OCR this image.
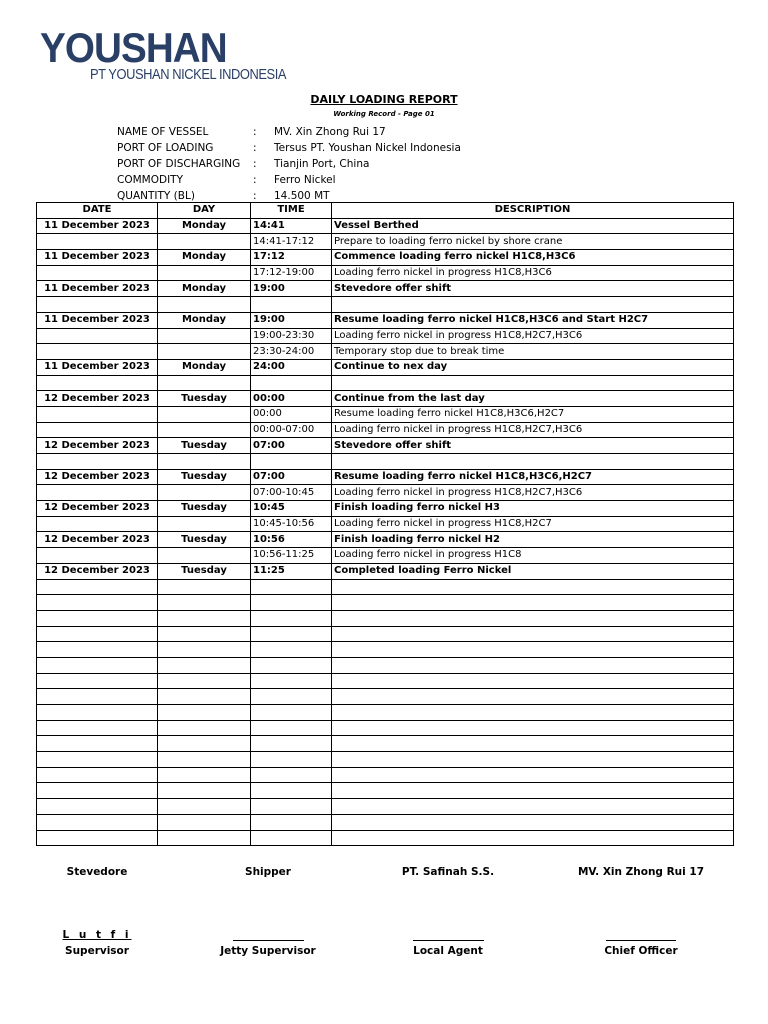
YOUSHAN
PT YOUSHAN NICKEL INDONESIA
DAILY LOADING REPORT
Working Record - Page 01
NAME OF VESSEL	: MV. Xin Zhong Rui 17
PORT OF LOADING	: Tersus PT. Youshan Nickel Indonesia
PORT OF DISCHARGING : Tianjin Port, China
COMMODITY	: Ferro Nickel
QUANTITY (BL)	: 14.500 MT
DATE	DAY	TIME	DESCRIPTION
11 December 2023	Monday	14:41	Vessel Berthed
		14:41-17:12	Prepare to loading ferro nickel by shore crane
11 December 2023	Monday	17:12	Commence loading ferro nickel H1C8,H3C6
		17:12-19:00	Loading ferro nickel in progress H1C8,H3C6
11 December 2023	Monday	19:00	Stevedore offer shift

11 December 2023	Monday	19:00	Resume loading ferro nickel H1C8,H3C6 and Start H2C7
		19:00-23:30	Loading ferro nickel in progress H1C8,H2C7,H3C6
		23:30-24:00	Temporary stop due to break time
11 December 2023	Monday	24:00	Continue to nex day

12 December 2023	Tuesday	00:00	Continue from the last day
		00:00	Resume loading ferro nickel H1C8,H3C6,H2C7
		00:00-07:00	Loading ferro nickel in progress H1C8,H2C7,H3C6
12 December 2023	Tuesday	07:00	Stevedore offer shift

12 December 2023	Tuesday	07:00	Resume loading ferro nickel H1C8,H3C6,H2C7
		07:00-10:45	Loading ferro nickel in progress H1C8,H2C7,H3C6
12 December 2023	Tuesday	10:45	Finish loading ferro nickel H3
		10:45-10:56	Loading ferro nickel in progress H1C8,H2C7
12 December 2023	Tuesday	10:56	Finish loading ferro nickel H2
		10:56-11:25	Loading ferro nickel in progress H1C8
12 December 2023	Tuesday	11:25	Completed loading Ferro Nickel

Stevedore	Shipper	PT. Safinah S.S.	MV. Xin Zhong Rui 17
L u t f i
Supervisor	Jetty Supervisor	Local Agent	Chief Officer
